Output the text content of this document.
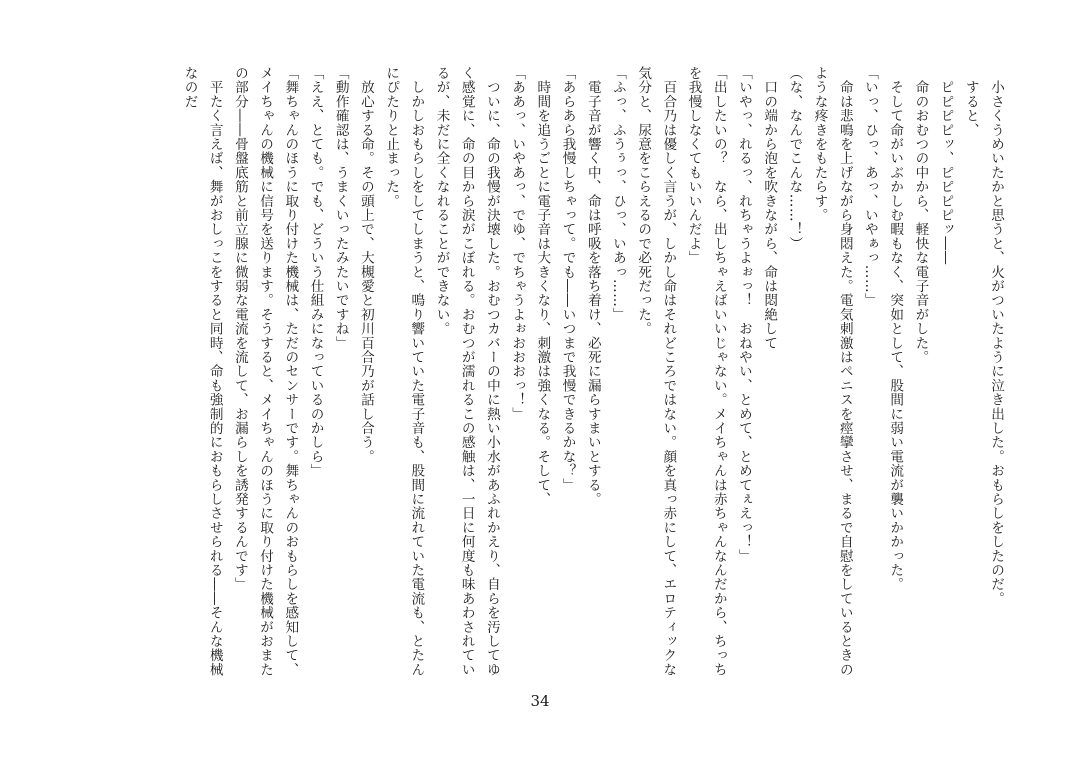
　小さくうめいたかと思うと、火がついたように泣き出した。おもらしをしたのだ。
　すると、
　ピピピピッ、ピピピピッ――
　命のおむつの中から、軽快な電子音がした。
　そして命がいぶかしむ暇もなく、突如として、股間に弱い電流が襲いかかった。
「いっ、ひっ、あっ、いやぁっ……」
　命は悲鳴を上げながら身悶えた。電気刺激はペニスを痙攣させ、まるで自慰をしているときのような疼きをもたらす。
（な、なんでこんな……！）
　口の端から泡を吹きながら、命は悶絶して
「いやっ、れるっ、れちゃうよぉっ！　おねやい、とめて、とめてぇえっ！」
「出したいの？　なら、出しちゃえばいいじゃない。メイちゃんは赤ちゃんなんだから、ちっちを我慢しなくてもいいんだよ」
　百合乃は優しく言うが、しかし命はそれどころではない。顔を真っ赤にして、エロティックな気分と、尿意をこらえるので必死だった。
「ふっ、ふうぅっ、ひっ、いあっ……」
　電子音が響く中、命は呼吸を落ち着け、必死に漏らすまいとする。
「あらあら我慢しちゃって。でも――いつまで我慢できるかな？」
　時間を追うごとに電子音は大きくなり、刺激は強くなる。そして、
「ああっ、いやあっ、でゆ、でちゃうよぉおおおっ！」
　ついに、命の我慢が決壊した。おむつカバーの中に熱い小水があふれかえり、自らを汚してゆく感覚に、命の目から涙がこぼれる。おむつが濡れるこの感触は、一日に何度も味あわされているが、未だに全くなれることができない。
　しかしおもらしをしてしまうと、鳴り響いていた電子音も、股間に流れていた電流も、とたんにぴたりと止まった。
　放心する命。その頭上で、大槻愛と初川百合乃が話し合う。
「動作確認は、うまくいったみたいですね」
「ええ、とても。でも、どういう仕組みになっているのかしら」
「舞ちゃんのほうに取り付けた機械は、ただのセンサーです。舞ちゃんのおもらしを感知して、メイちゃんの機械に信号を送ります。そうすると、メイちゃんのほうに取り付けた機械がおまたの部分――骨盤底筋と前立腺に微弱な電流を流して、お漏らしを誘発するんです」
　平たく言えば、舞がおしっこをすると同時、命も強制的におもらしさせられる――そんな機械なのだ
34
